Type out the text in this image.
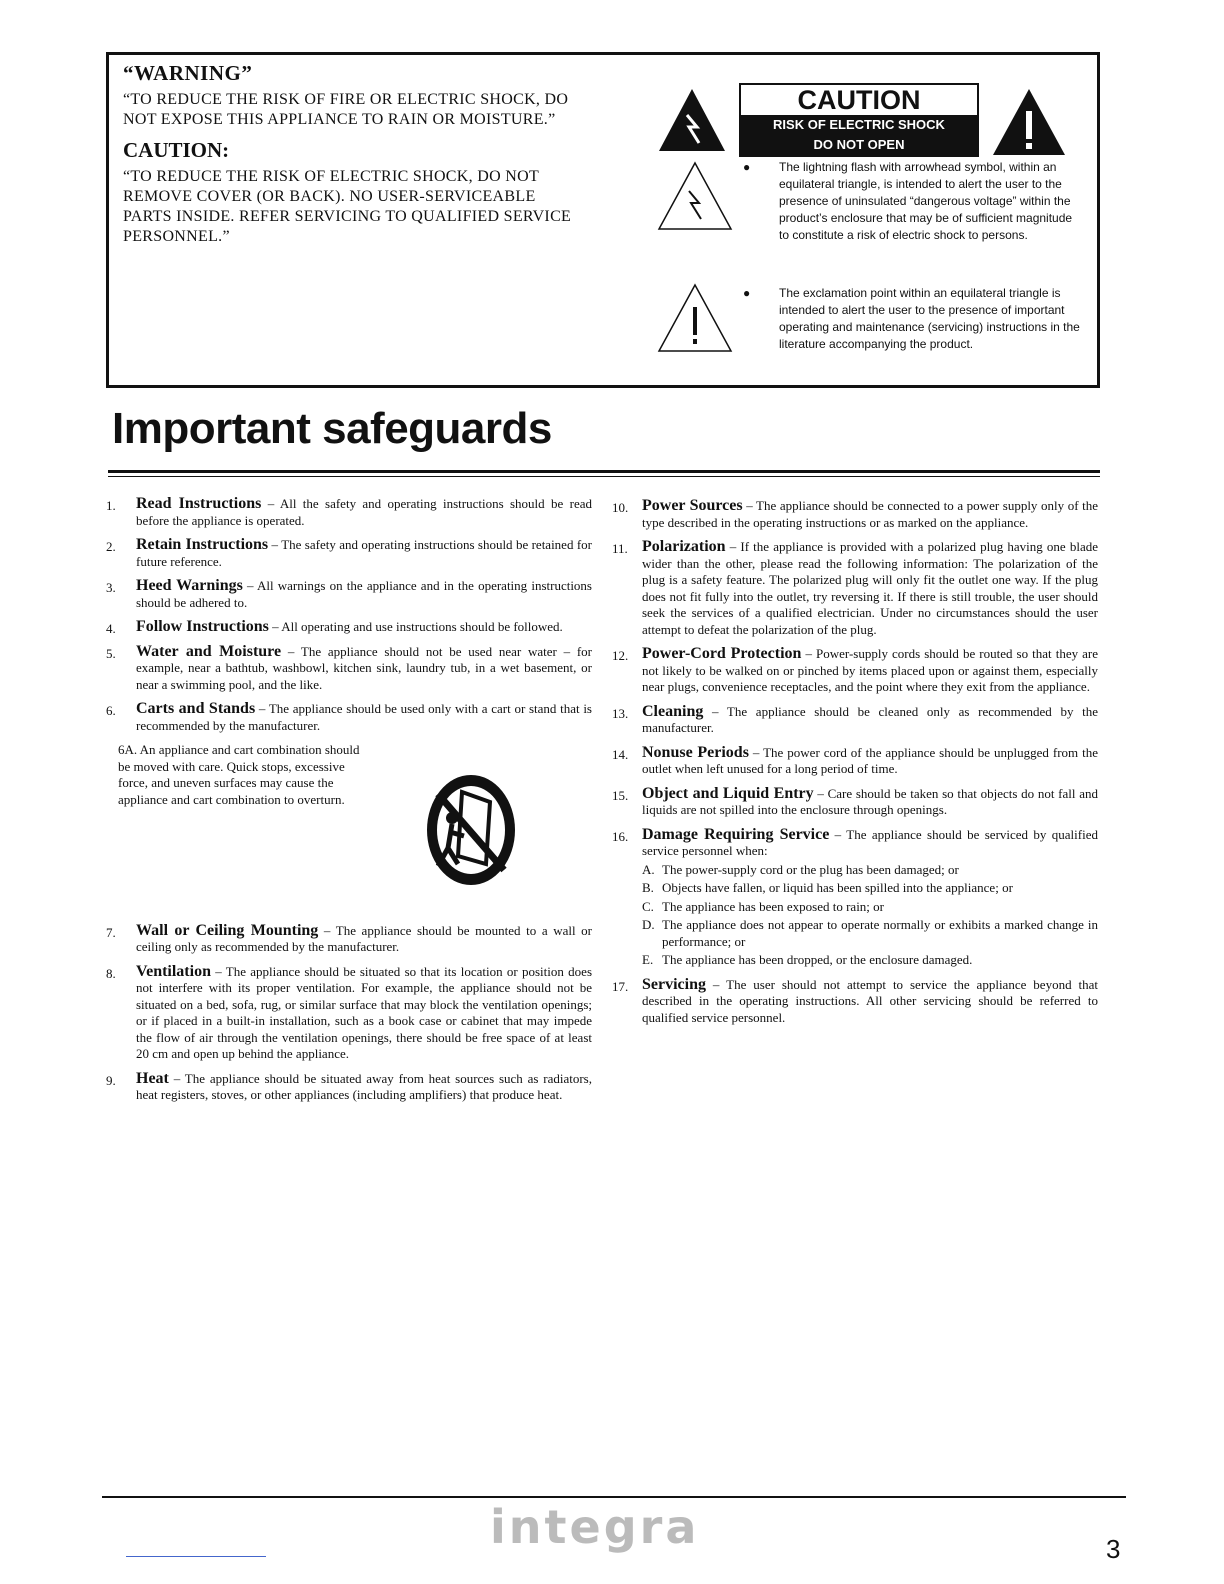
“WARNING”

“TO REDUCE THE RISK OF FIRE OR ELECTRIC SHOCK, DO NOT EXPOSE THIS APPLIANCE TO RAIN OR MOISTURE.”

CAUTION:

“TO REDUCE THE RISK OF ELECTRIC SHOCK, DO NOT REMOVE COVER (OR BACK). NO USER-SERVICEABLE PARTS INSIDE. REFER SERVICING TO QUALIFIED SERVICE PERSONNEL.”

CAUTION
RISK OF ELECTRIC SHOCK
DO NOT OPEN
● The lightning flash with arrowhead symbol, within an equilateral triangle, is intended to alert the user to the presence of uninsulated “dangerous voltage” within the product’s enclosure that may be of sufficient magnitude to constitute a risk of electric shock to persons.
● The exclamation point within an equilateral triangle is intended to alert the user to the presence of important operating and maintenance (servicing) instructions in the literature accompanying the product.
Important safeguards
1.	Read Instructions – All the safety and operating instructions should be read before the appliance is operated.
2.	Retain Instructions – The safety and operating instructions should be retained for future reference.
3.	Heed Warnings – All warnings on the appliance and in the operating instructions should be adhered to.
4.	Follow Instructions – All operating and use instructions should be followed.
5.	Water and Moisture – The appliance should not be used near water – for example, near a bathtub, washbowl, kitchen sink, laundry tub, in a wet basement, or near a swimming pool, and the like.
6.	Carts and Stands – The appliance should be used only with a cart or stand that is recommended by the manufacturer.
6A. An appliance and cart combination should be moved with care. Quick stops, excessive force, and uneven surfaces may cause the appliance and cart combination to overturn.
7.	Wall or Ceiling Mounting – The appliance should be mounted to a wall or ceiling only as recommended by the manufacturer.
8.	Ventilation – The appliance should be situated so that its location or position does not interfere with its proper ventilation. For example, the appliance should not be situated on a bed, sofa, rug, or similar surface that may block the ventilation openings; or if placed in a built-in installation, such as a book case or cabinet that may impede the flow of air through the ventilation openings, there should be free space of at least 20 cm and open up behind the appliance.
9.	Heat – The appliance should be situated away from heat sources such as radiators, heat registers, stoves, or other appliances (including amplifiers) that produce heat.
10. Power Sources – The appliance should be connected to a power supply only of the type described in the operating instructions or as marked on the appliance.
11. Polarization – If the appliance is provided with a polarized plug having one blade wider than the other, please read the following information: The polarization of the plug is a safety feature. The polarized plug will only fit the outlet one way. If the plug does not fit fully into the outlet, try reversing it. If there is still trouble, the user should seek the services of a qualified electrician. Under no circumstances should the user attempt to defeat the polarization of the plug.
12. Power-Cord Protection – Power-supply cords should be routed so that they are not likely to be walked on or pinched by items placed upon or against them, especially near plugs, convenience receptacles, and the point where they exit from the appliance.
13. Cleaning – The appliance should be cleaned only as recommended by the manufacturer.
14. Nonuse Periods – The power cord of the appliance should be unplugged from the outlet when left unused for a long period of time.
15. Object and Liquid Entry – Care should be taken so that objects do not fall and liquids are not spilled into the enclosure through openings.
16. Damage Requiring Service – The appliance should be serviced by qualified service personnel when:
A. The power-supply cord or the plug has been damaged; or
B. Objects have fallen, or liquid has been spilled into the appliance; or
C. The appliance has been exposed to rain; or
D. The appliance does not appear to operate normally or exhibits a marked change in performance; or
E. The appliance has been dropped, or the enclosure damaged.
17. Servicing – The user should not attempt to service the appliance beyond that described in the operating instructions. All other servicing should be referred to qualified service personnel.
integra	3
